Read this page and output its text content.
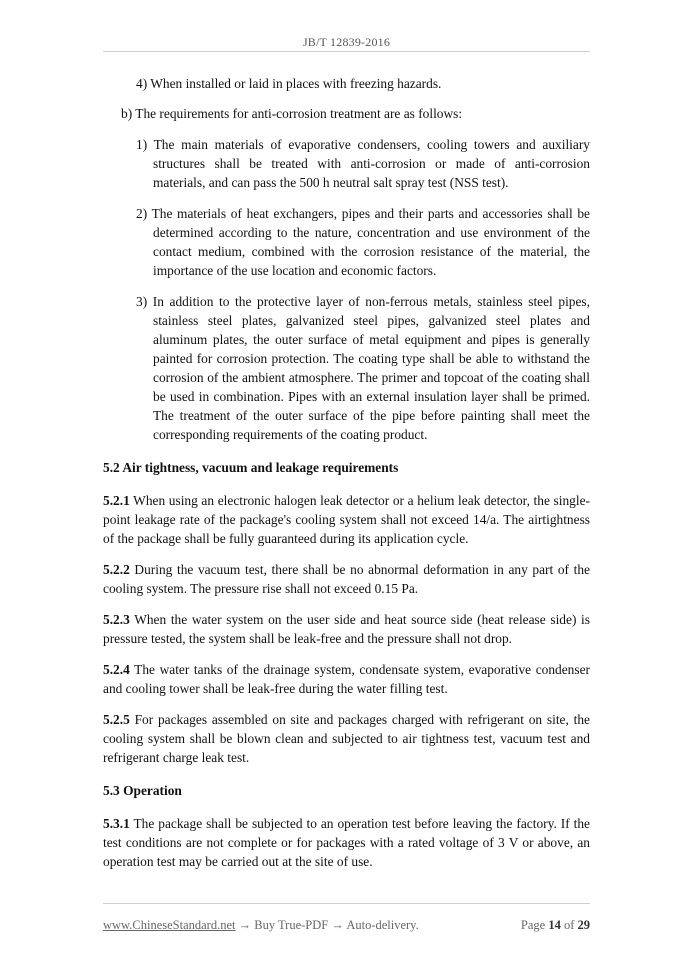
JB/T 12839-2016

4) When installed or laid in places with freezing hazards.

b) The requirements for anti-corrosion treatment are as follows:

1) The main materials of evaporative condensers, cooling towers and auxiliary structures shall be treated with anti-corrosion or made of anti-corrosion materials, and can pass the 500 h neutral salt spray test (NSS test).

2) The materials of heat exchangers, pipes and their parts and accessories shall be determined according to the nature, concentration and use environment of the contact medium, combined with the corrosion resistance of the material, the importance of the use location and economic factors.

3) In addition to the protective layer of non-ferrous metals, stainless steel pipes, stainless steel plates, galvanized steel pipes, galvanized steel plates and aluminum plates, the outer surface of metal equipment and pipes is generally painted for corrosion protection. The coating type shall be able to withstand the corrosion of the ambient atmosphere. The primer and topcoat of the coating shall be used in combination. Pipes with an external insulation layer shall be primed. The treatment of the outer surface of the pipe before painting shall meet the corresponding requirements of the coating product.

5.2 Air tightness, vacuum and leakage requirements

5.2.1 When using an electronic halogen leak detector or a helium leak detector, the single-point leakage rate of the package's cooling system shall not exceed 14/a. The airtightness of the package shall be fully guaranteed during its application cycle.

5.2.2 During the vacuum test, there shall be no abnormal deformation in any part of the cooling system. The pressure rise shall not exceed 0.15 Pa.

5.2.3 When the water system on the user side and heat source side (heat release side) is pressure tested, the system shall be leak-free and the pressure shall not drop.

5.2.4 The water tanks of the drainage system, condensate system, evaporative condenser and cooling tower shall be leak-free during the water filling test.

5.2.5 For packages assembled on site and packages charged with refrigerant on site, the cooling system shall be blown clean and subjected to air tightness test, vacuum test and refrigerant charge leak test.

5.3 Operation

5.3.1 The package shall be subjected to an operation test before leaving the factory. If the test conditions are not complete or for packages with a rated voltage of 3 V or above, an operation test may be carried out at the site of use.

www.ChineseStandard.net → Buy True-PDF → Auto-delivery.	Page 14 of 29
